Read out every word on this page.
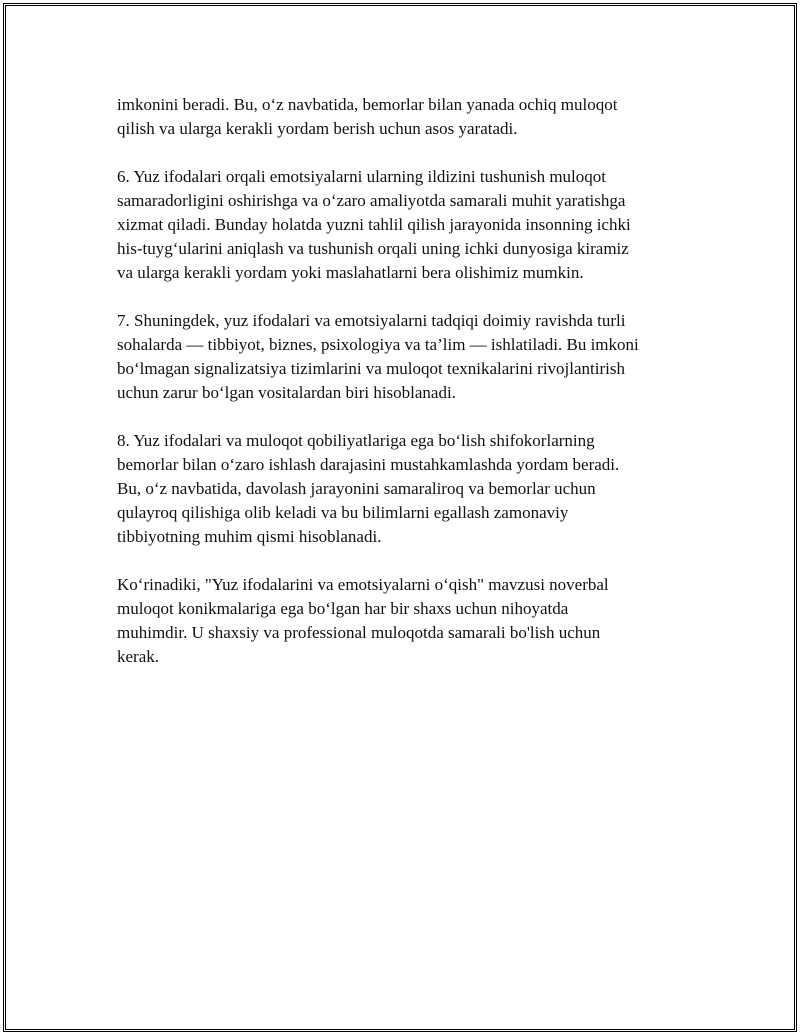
imkonini beradi. Bu, o‘z navbatida, bemorlar bilan yanada ochiq muloqot
qilish va ularga kerakli yordam berish uchun asos yaratadi.

6. Yuz ifodalari orqali emotsiyalarni ularning ildizini tushunish muloqot
samaradorligini oshirishga va o‘zaro amaliyotda samarali muhit yaratishga
xizmat qiladi. Bunday holatda yuzni tahlil qilish jarayonida insonning ichki
his-tuyg‘ularini aniqlash va tushunish orqali uning ichki dunyosiga kiramiz
va ularga kerakli yordam yoki maslahatlarni bera olishimiz mumkin.

7. Shuningdek, yuz ifodalari va emotsiyalarni tadqiqi doimiy ravishda turli
sohalarda — tibbiyot, biznes, psixologiya va ta’lim — ishlatiladi. Bu imkoni
bo‘lmagan signalizatsiya tizimlarini va muloqot texnikalarini rivojlantirish
uchun zarur bo‘lgan vositalardan biri hisoblanadi.

8. Yuz ifodalari va muloqot qobiliyatlariga ega bo‘lish shifokorlarning
bemorlar bilan o‘zaro ishlash darajasini mustahkamlashda yordam beradi.
Bu, o‘z navbatida, davolash jarayonini samaraliroq va bemorlar uchun
qulayroq qilishiga olib keladi va bu bilimlarni egallash zamonaviy
tibbiyotning muhim qismi hisoblanadi.

Ko‘rinadiki, "Yuz ifodalarini va emotsiyalarni o‘qish" mavzusi noverbal
muloqot konikmalariga ega bo‘lgan har bir shaxs uchun nihoyatda
muhimdir. U shaxsiy va professional muloqotda samarali bo'lish uchun
kerak.
